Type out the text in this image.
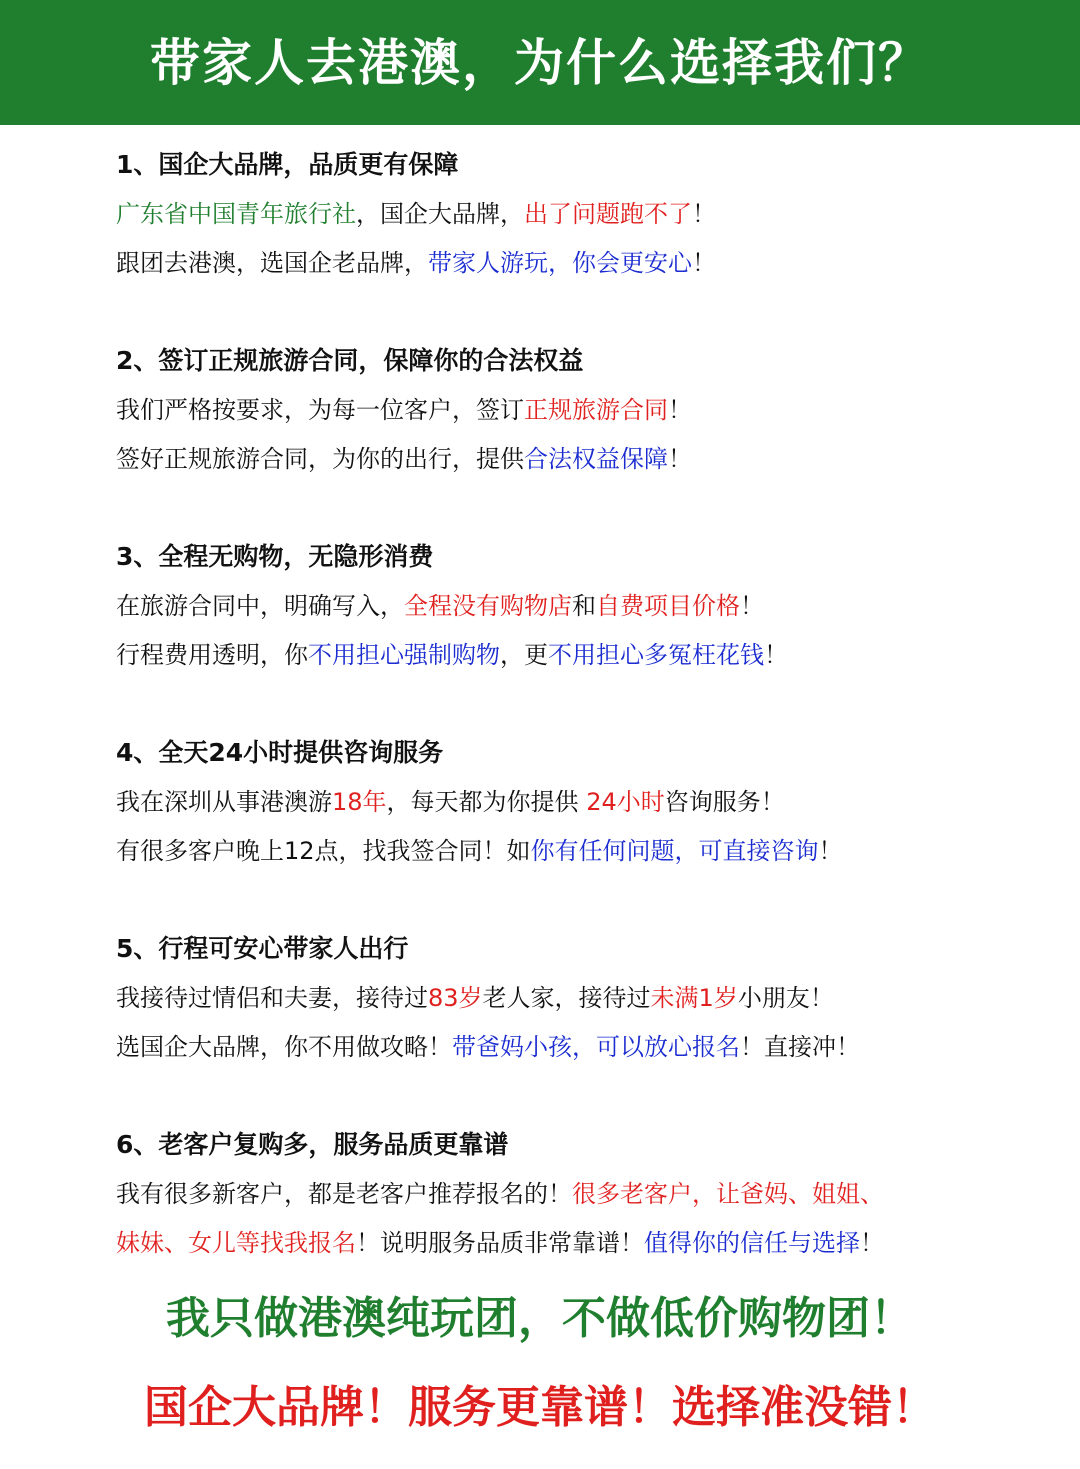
带家人去港澳，为什么选择我们？
1、国企大品牌，品质更有保障
广东省中国青年旅行社，国企大品牌，出了问题跑不了！
跟团去港澳，选国企老品牌，带家人游玩，你会更安心！
2、签订正规旅游合同，保障你的合法权益
我们严格按要求，为每一位客户，签订正规旅游合同！
签好正规旅游合同，为你的出行，提供合法权益保障！
3、全程无购物，无隐形消费
在旅游合同中，明确写入，全程没有购物店和自费项目价格！
行程费用透明，你不用担心强制购物，更不用担心多冤枉花钱！
4、全天24小时提供咨询服务
我在深圳从事港澳游18年，每天都为你提供 24小时咨询服务！
有很多客户晚上12点，找我签合同！如你有任何问题，可直接咨询！
5、行程可安心带家人出行
我接待过情侣和夫妻，接待过83岁老人家，接待过未满1岁小朋友！
选国企大品牌，你不用做攻略！带爸妈小孩，可以放心报名！直接冲！
6、老客户复购多，服务品质更靠谱
我有很多新客户，都是老客户推荐报名的！很多老客户，让爸妈、姐姐、
妹妹、女儿等找我报名！说明服务品质非常靠谱！值得你的信任与选择！
我只做港澳纯玩团，不做低价购物团！
国企大品牌！服务更靠谱！选择准没错！
